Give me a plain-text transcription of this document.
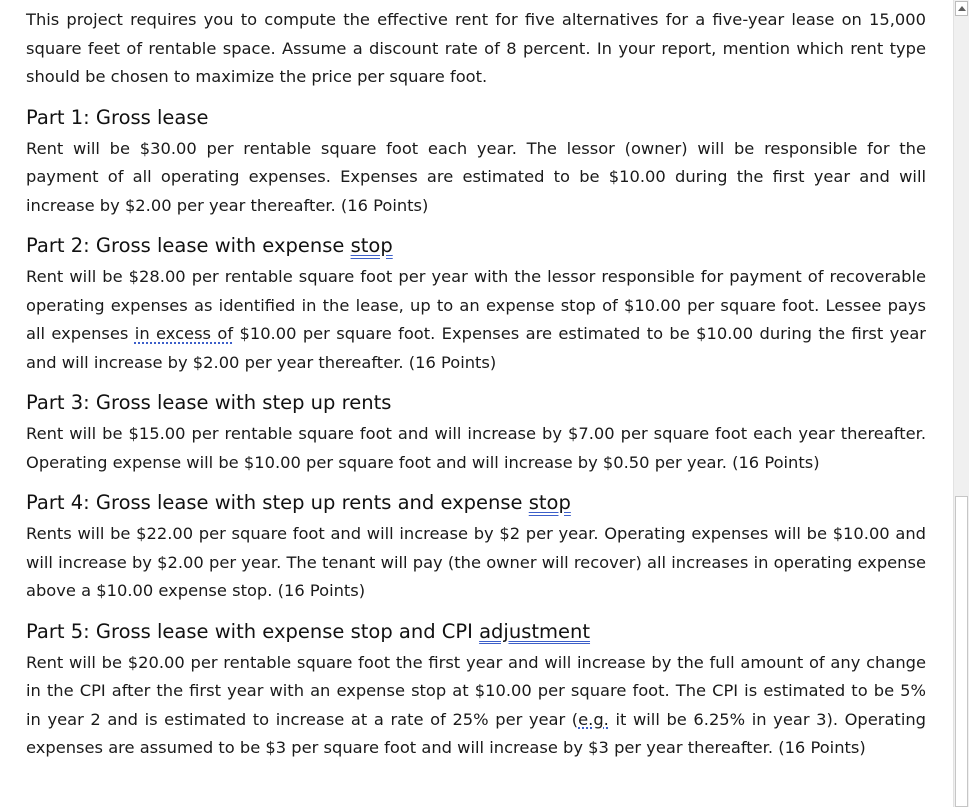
This project requires you to compute the effective rent for five alternatives for a five-year lease on 15,000 square feet of rentable space. Assume a discount rate of 8 percent. In your report, mention which rent type should be chosen to maximize the price per square foot.

Part 1: Gross lease

Rent will be $30.00 per rentable square foot each year. The lessor (owner) will be responsible for the payment of all operating expenses. Expenses are estimated to be $10.00 during the first year and will increase by $2.00 per year thereafter. (16 Points)

Part 2: Gross lease with expense stop

Rent will be $28.00 per rentable square foot per year with the lessor responsible for payment of recoverable operating expenses as identified in the lease, up to an expense stop of $10.00 per square foot. Lessee pays all expenses in excess of $10.00 per square foot. Expenses are estimated to be $10.00 during the first year and will increase by $2.00 per year thereafter. (16 Points)

Part 3: Gross lease with step up rents

Rent will be $15.00 per rentable square foot and will increase by $7.00 per square foot each year thereafter. Operating expense will be $10.00 per square foot and will increase by $0.50 per year. (16 Points)

Part 4: Gross lease with step up rents and expense stop

Rents will be $22.00 per square foot and will increase by $2 per year. Operating expenses will be $10.00 and will increase by $2.00 per year. The tenant will pay (the owner will recover) all increases in operating expense above a $10.00 expense stop. (16 Points)

Part 5: Gross lease with expense stop and CPI adjustment

Rent will be $20.00 per rentable square foot the first year and will increase by the full amount of any change in the CPI after the first year with an expense stop at $10.00 per square foot. The CPI is estimated to be 5% in year 2 and is estimated to increase at a rate of 25% per year (e.g. it will be 6.25% in year 3). Operating expenses are assumed to be $3 per square foot and will increase by $3 per year thereafter. (16 Points)
